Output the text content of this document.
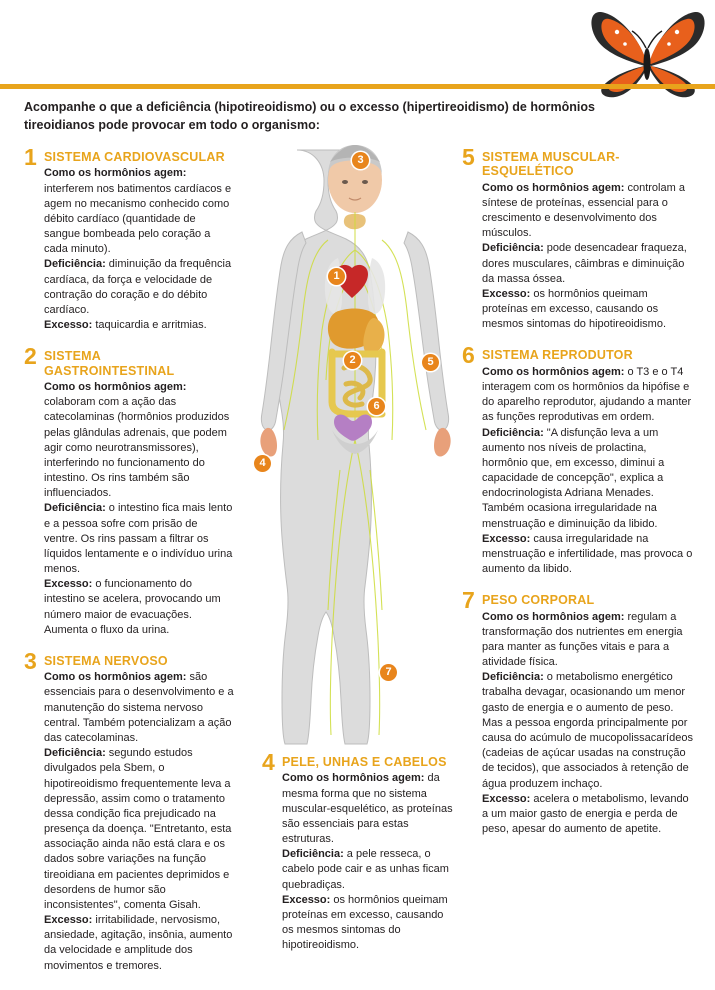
Acompanhe o que a deficiência (hipotireoidismo) ou o excesso (hipertireoidismo) de hormônios tireoidianos pode provocar em todo o organismo:
1
2
3
4
5
6
7
1 SISTEMA CARDIOVASCULAR
Como os hormônios agem: interferem nos batimentos cardíacos e agem no mecanismo conhecido como débito cardíaco (quantidade de sangue bombeada pelo coração a cada minuto).
Deficiência: diminuição da frequência cardíaca, da força e velocidade de contração do coração e do débito cardíaco.
Excesso: taquicardia e arritmias.
2 SISTEMA GASTROINTESTINAL
Como os hormônios agem: colaboram com a ação das catecolaminas (hormônios produzidos pelas glândulas adrenais, que podem agir como neurotransmissores), interferindo no funcionamento do intestino. Os rins também são influenciados.
Deficiência: o intestino fica mais lento e a pessoa sofre com prisão de ventre. Os rins passam a filtrar os líquidos lentamente e o indivíduo urina menos.
Excesso: o funcionamento do intestino se acelera, provocando um número maior de evacuações. Aumenta o fluxo da urina.
3 SISTEMA NERVOSO
Como os hormônios agem: são essenciais para o desenvolvimento e a manutenção do sistema nervoso central. Também potencializam a ação das catecolaminas.
Deficiência: segundo estudos divulgados pela Sbem, o hipotireoidismo frequentemente leva a depressão, assim como o tratamento dessa condição fica prejudicado na presença da doença. "Entretanto, esta associação ainda não está clara e os dados sobre variações na função tireoidiana em pacientes deprimidos e desordens de humor são inconsistentes", comenta Gisah.
Excesso: irritabilidade, nervosismo, ansiedade, agitação, insônia, aumento da velocidade e amplitude dos movimentos e tremores.
5 SISTEMA MUSCULAR-ESQUELÉTICO
Como os hormônios agem: controlam a síntese de proteínas, essencial para o crescimento e desenvolvimento dos músculos.
Deficiência: pode desencadear fraqueza, dores musculares, câimbras e diminuição da massa óssea.
Excesso: os hormônios queimam proteínas em excesso, causando os mesmos sintomas do hipotireoidismo.
6 SISTEMA REPRODUTOR
Como os hormônios agem: o T3 e o T4 interagem com os hormônios da hipófise e do aparelho reprodutor, ajudando a manter as funções reprodutivas em ordem.
Deficiência: "A disfunção leva a um aumento nos níveis de prolactina, hormônio que, em excesso, diminui a capacidade de concepção", explica a endocrinologista Adriana Menades. Também ocasiona irregularidade na menstruação e diminuição da libido.
Excesso: causa irregularidade na menstruação e infertilidade, mas provoca o aumento da libido.
7 PESO CORPORAL
Como os hormônios agem: regulam a transformação dos nutrientes em energia para manter as funções vitais e para a atividade física.
Deficiência: o metabolismo energético trabalha devagar, ocasionando um menor gasto de energia e o aumento de peso. Mas a pessoa engorda principalmente por causa do acúmulo de mucopolissacarídeos (cadeias de açúcar usadas na construção de tecidos), que associados à retenção de água produzem inchaço.
Excesso: acelera o metabolismo, levando a um maior gasto de energia e perda de peso, apesar do aumento de apetite.
4 PELE, UNHAS E CABELOS
Como os hormônios agem: da mesma forma que no sistema muscular-esquelético, as proteínas são essenciais para estas estruturas.
Deficiência: a pele resseca, o cabelo pode cair e as unhas ficam quebradiças.
Excesso: os hormônios queimam proteínas em excesso, causando os mesmos sintomas do hipotireoidismo.
